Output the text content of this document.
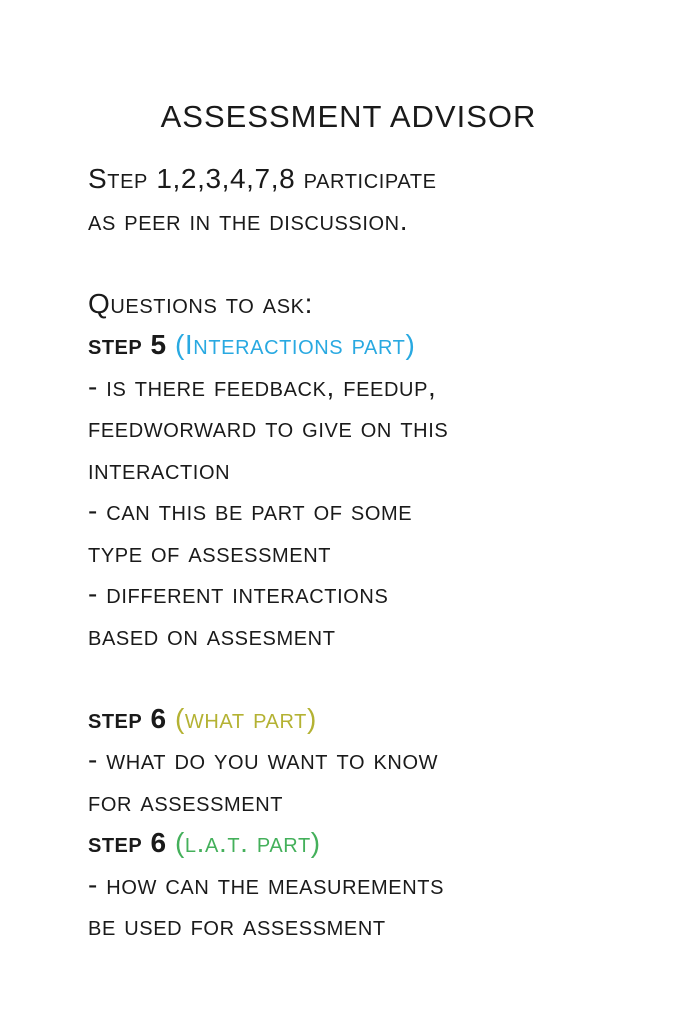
ASSESSMENT ADVISOR
Step 1,2,3,4,7,8 participate
as peer in the discussion.
Questions to ask:
step 5 (Interactions part)
- is there feedback, feedup,
feedworward to give on this
interaction
- can this be part of some
type of assessment
- different interactions
based on assesment
step 6 (what part)
- what do you want to know
for assessment
step 6 (l.a.t. part)
- how can the measurements
be used for assessment
